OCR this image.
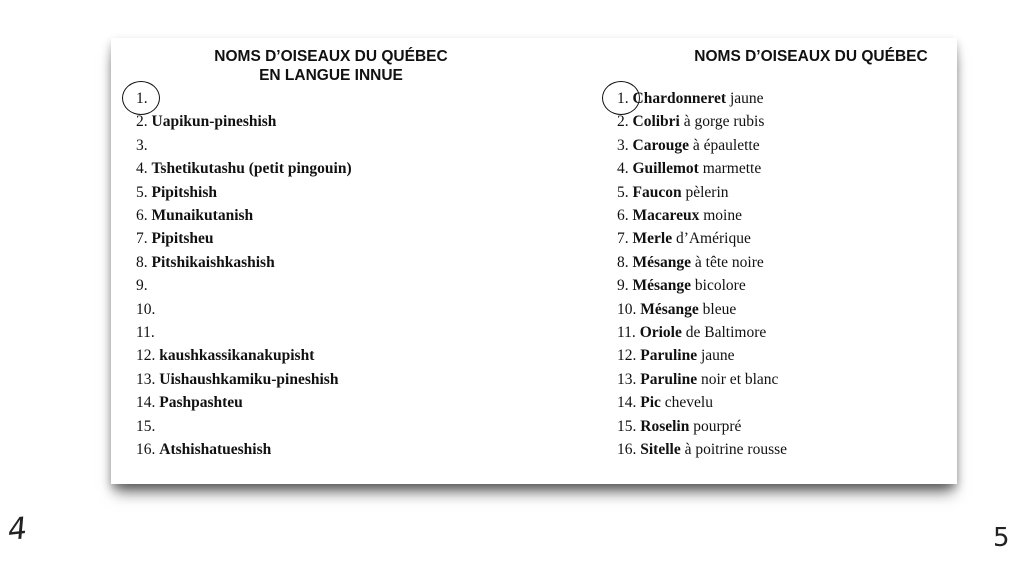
NOMS D’OISEAUX DU QUÉBEC
EN LANGUE INNUE
NOMS D’OISEAUX DU QUÉBEC
1.
2. Uapikun-pineshish
3.
4. Tshetikutashu (petit pingouin)
5. Pipitshish
6. Munaikutanish
7. Pipitsheu
8. Pitshikaishkashish
9.
10.
11.
12. kaushkassikanakupisht
13. Uishaushkamiku-pineshish
14. Pashpashteu
15.
16. Atshishatueshish
1. Chardonneret jaune
2. Colibri à gorge rubis
3. Carouge à épaulette
4. Guillemot marmette
5. Faucon pèlerin
6. Macareux moine
7. Merle d’Amérique
8. Mésange à tête noire
9. Mésange bicolore
10. Mésange bleue
11. Oriole de Baltimore
12. Paruline jaune
13. Paruline noir et blanc
14. Pic chevelu
15. Roselin pourpré
16. Sitelle à poitrine rousse
4	5
